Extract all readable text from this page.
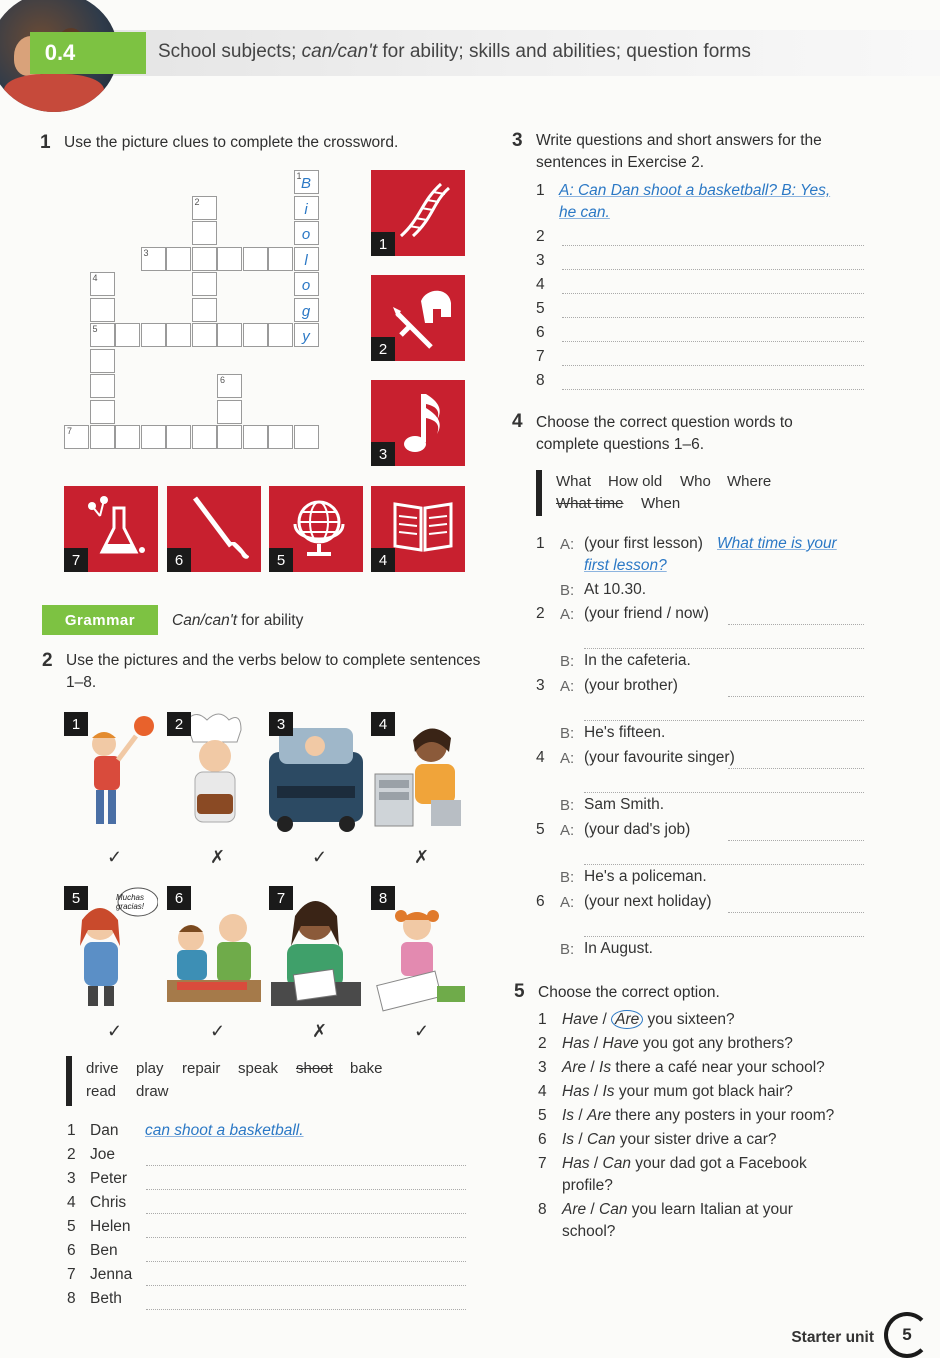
0.4	School subjects; can/can't for ability; skills and abilities; question forms
1 Use the picture clues to complete the crossword.
1 B
i
o
l
o
g
y
2
3
4
5
6
7
1
2
3
7	6	5	4
Grammar	Can/can't for ability
2 Use the pictures and the verbs below to complete sentences 1–8.
1
✓
2
✗
3
✓
4
✗
5
✓
6
✓
7
✗
8
✓
Muchas gracias!
drive play repair speak shoot bake
read draw
1 Dan can shoot a basketball.
2 Joe
3 Peter
4 Chris
5 Helen
6 Ben
7 Jenna
8 Beth
3 Write questions and short answers for the
sentences in Exercise 2.
1 A: Can Dan shoot a basketball? B: Yes,
he can.
2
3
4
5
6
7
8
4 Choose the correct question words to
complete questions 1–6.
What How old Who Where
What time When
1 A: (your first lesson) What time is your
first lesson?
B: At 10.30.
2 A: (your friend / now)
B: In the cafeteria.
3 A: (your brother)
B: He's fifteen.
4 A: (your favourite singer)
B: Sam Smith.
5 A: (your dad's job)
B: He's a policeman.
6 A: (your next holiday)
B: In August.
5 Choose the correct option.
1 Have / Are you sixteen?
2 Has / Have you got any brothers?
3 Are / Is there a café near your school?
4 Has / Is your mum got black hair?
5 Is / Are there any posters in your room?
6 Is / Can your sister drive a car?
7 Has / Can your dad got a Facebook
profile?
8 Are / Can you learn Italian at your
school?
Starter unit	5
